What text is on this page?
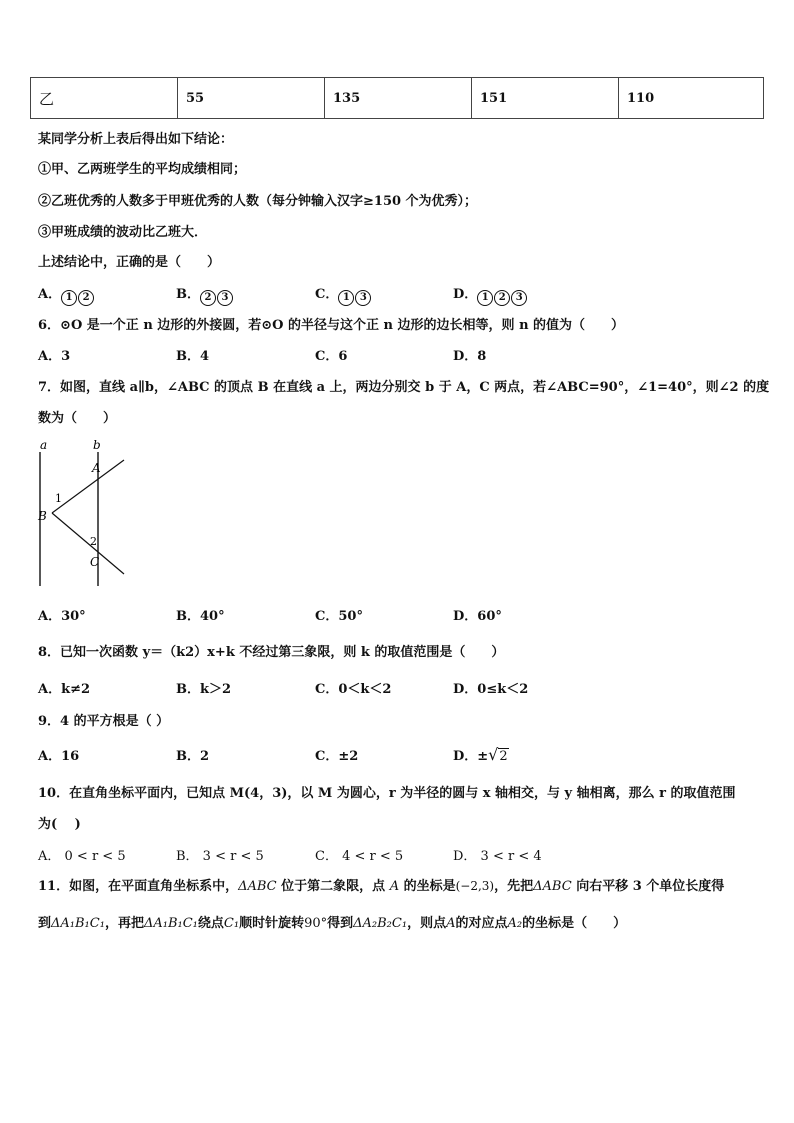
乙	55	135	151	110
某同学分析上表后得出如下结论：
①甲、乙两班学生的平均成绩相同；
②乙班优秀的人数多于甲班优秀的人数（每分钟输入汉字≥150 个为优秀）；
③甲班成绩的波动比乙班大．
上述结论中，正确的是（　　）
A． 1 2	B． 2 3	C． 1 3	D． 1 2 3
6．⊙O 是一个正 n 边形的外接圆，若⊙O 的半径与这个正 n 边形的边长相等，则 n 的值为（　　）
A．3	B．4	C．6	D．8
7．如图，直线 a∥b，∠ABC 的顶点 B 在直线 a 上，两边分别交 b 于 A，C 两点，若∠ABC=90°，∠1=40°，则∠2 的度
数为（　　）
a	b
A
B
C
1
2
A．30°	B．40°	C．50°	D．60°
8．已知一次函数 y＝（k2）x+k 不经过第三象限，则 k 的取值范围是（　　）
A．k≠2	B．k＞2	C．0＜k＜2	D．0≤k＜2
9．4 的平方根是（ ）
A．16	B．2	C．±2	D．±√2
10．在直角坐标平面内，已知点 M(4，3)，以 M 为圆心，r 为半径的圆与 x 轴相交，与 y 轴相离，那么 r 的取值范围
为(　 )
A． 0 < r < 5	B． 3 < r < 5	C． 4 < r < 5	D． 3 < r < 4
11．如图，在平面直角坐标系中，ΔABC 位于第二象限，点 A 的坐标是(−2,3)，先把ΔABC 向右平移 3 个单位长度得
到ΔA₁B₁C₁，再把ΔA₁B₁C₁绕点C₁顺时针旋转90°得到ΔA₂B₂C₁，则点A的对应点A₂的坐标是（　　）
